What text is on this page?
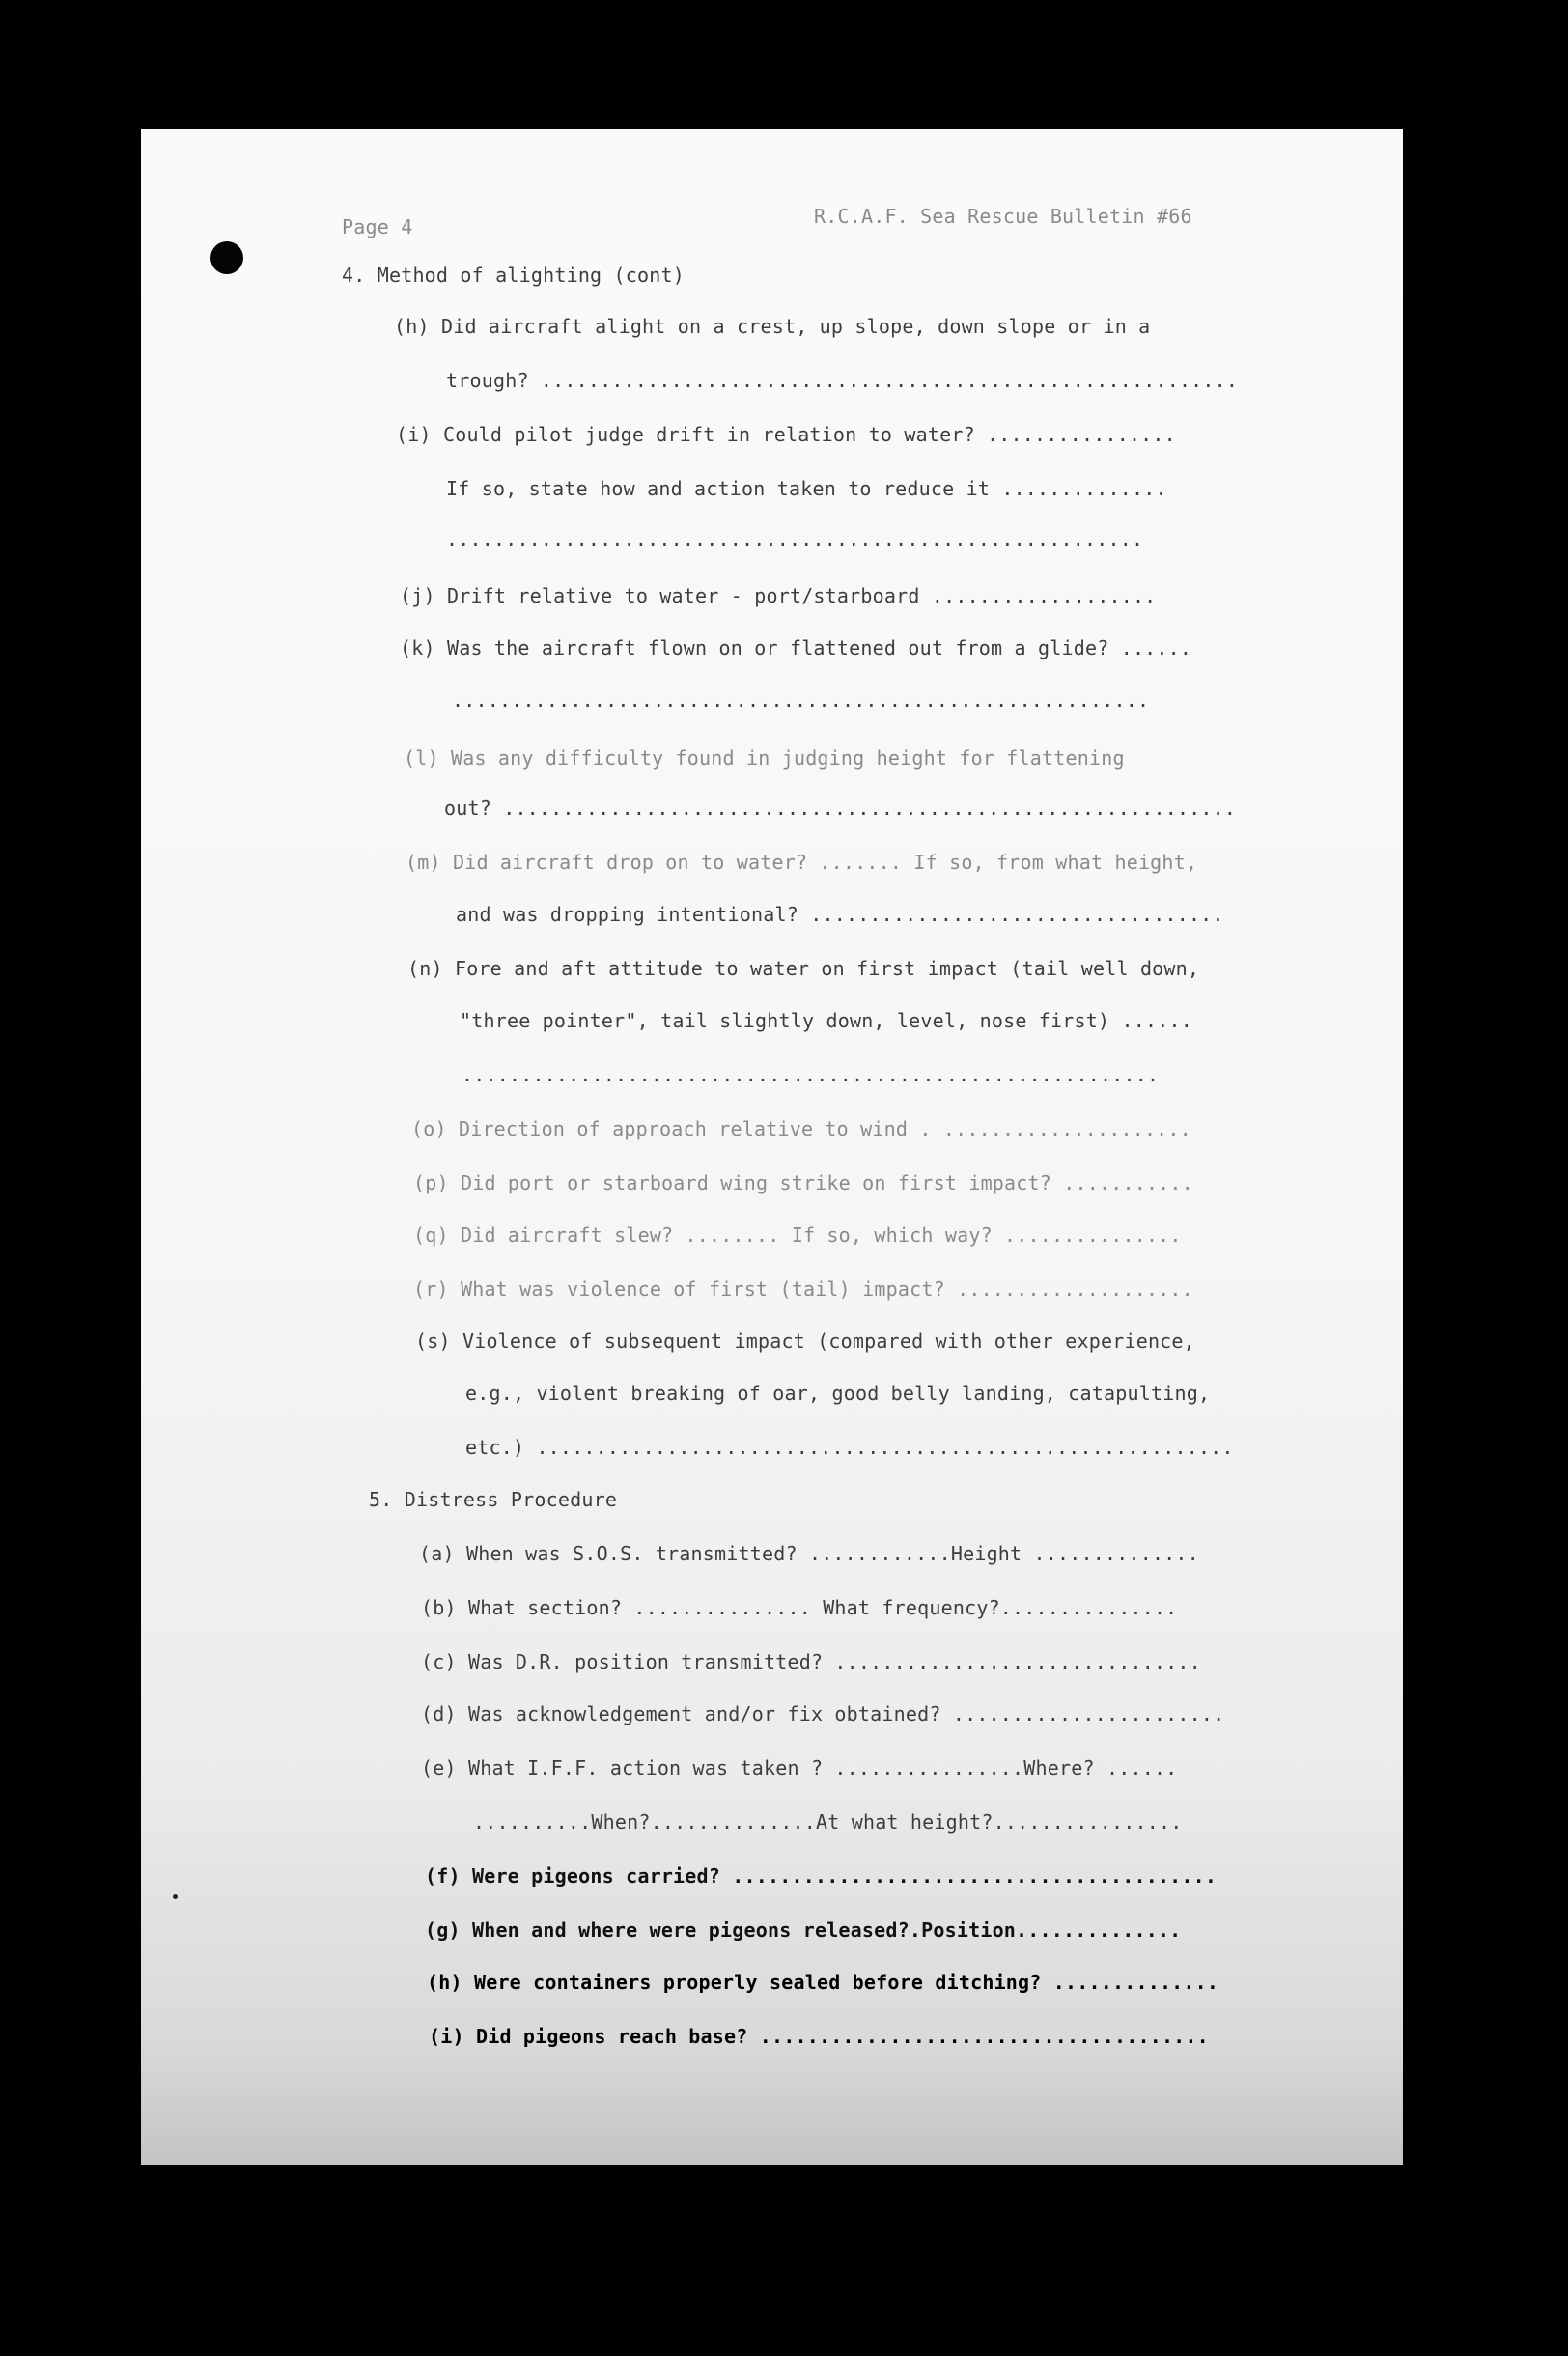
Page 4	R.C.A.F. Sea Rescue Bulletin #66

4. Method of alighting (cont)

(h) Did aircraft alight on a crest, up slope, down slope or in a

trough? ...........................................................

(i) Could pilot judge drift in relation to water? ................

If so, state how and action taken to reduce it ..............

...........................................................

(j) Drift relative to water - port/starboard ...................

(k) Was the aircraft flown on or flattened out from a glide? ......

...........................................................

(l) Was any difficulty found in judging height for flattening

out? ..............................................................

(m) Did aircraft drop on to water? ....... If so, from what height,

and was dropping intentional? ...................................

(n) Fore and aft attitude to water on first impact (tail well down,

"three pointer", tail slightly down, level, nose first) ......

...........................................................

(o) Direction of approach relative to wind . .....................

(p) Did port or starboard wing strike on first impact? ...........

(q) Did aircraft slew? ........ If so, which way? ...............

(r) What was violence of first (tail) impact? ....................

(s) Violence of subsequent impact (compared with other experience,

e.g., violent breaking of oar, good belly landing, catapulting,

etc.) ...........................................................

5. Distress Procedure

(a) When was S.O.S. transmitted? ............Height ..............

(b) What section? ............... What frequency?...............

(c) Was D.R. position transmitted? ...............................

(d) Was acknowledgement and/or fix obtained? .......................

(e) What I.F.F. action was taken ? ................Where? ......

..........When?..............At what height?................

(f) Were pigeons carried? .........................................

(g) When and where were pigeons released?.Position..............

(h) Were containers properly sealed before ditching? ..............

(i) Did pigeons reach base? ......................................
